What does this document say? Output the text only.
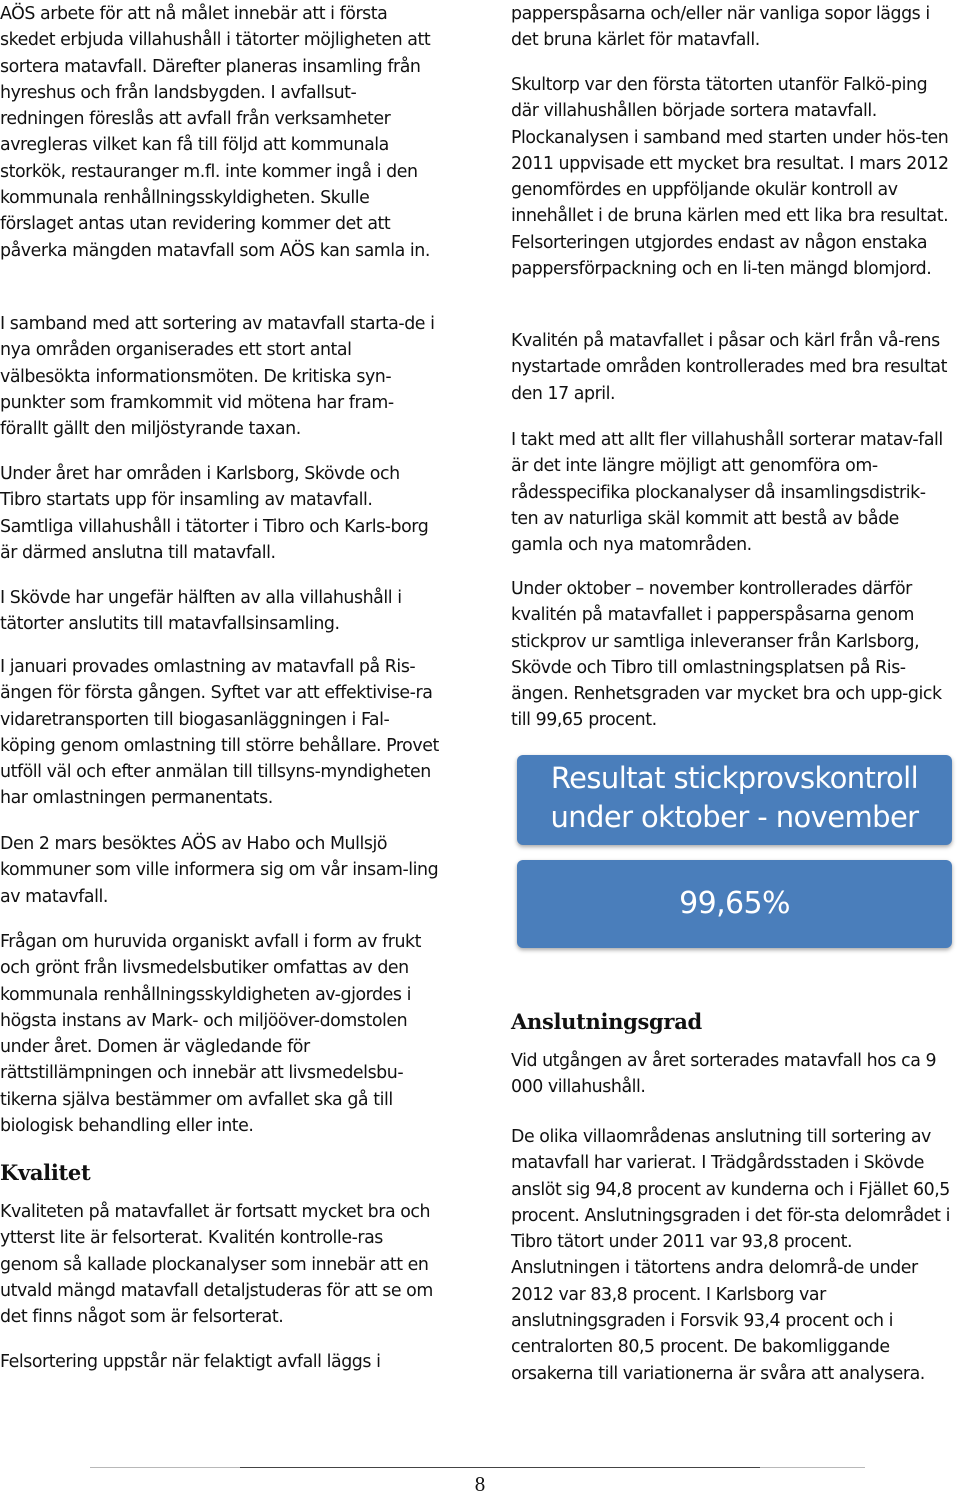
AÖS arbete för att nå målet innebär att i första skedet erbjuda villahushåll i tätorter möjligheten att sortera matavfall. Därefter planeras insamling från hyreshus och från landsbygden. I avfallsut-redningen föreslås att avfall från verksamheter avregleras vilket kan få till följd att kommunala storkök, restauranger m.fl. inte kommer ingå i den kommunala renhållningsskyldigheten. Skulle förslaget antas utan revidering kommer det att påverka mängden matavfall som AÖS kan samla in.

I samband med att sortering av matavfall starta-de i nya områden organiserades ett stort antal välbesökta informationsmöten. De kritiska syn-punkter som framkommit vid mötena har fram-förallt gällt den miljöstyrande taxan.

Under året har områden i Karlsborg, Skövde och Tibro startats upp för insamling av matavfall. Samtliga villahushåll i tätorter i Tibro och Karls-borg är därmed anslutna till matavfall.

I Skövde har ungefär hälften av alla villahushåll i tätorter anslutits till matavfallsinsamling.

I januari provades omlastning av matavfall på Ris-ängen för första gången. Syftet var att effektivise-ra vidaretransporten till biogasanläggningen i Fal-köping genom omlastning till större behållare. Provet utföll väl och efter anmälan till tillsyns-myndigheten har omlastningen permanentats.

Den 2 mars besöktes AÖS av Habo och Mullsjö kommuner som ville informera sig om vår insam-ling av matavfall.

Frågan om huruvida organiskt avfall i form av frukt och grönt från livsmedelsbutiker omfattas av den kommunala renhållningsskyldigheten av-gjordes i högsta instans av Mark- och miljööver-domstolen under året. Domen är vägledande för rättstillämpningen och innebär att livsmedelsbu-tikerna själva bestämmer om avfallet ska gå till biologisk behandling eller inte.

Kvalitet

Kvaliteten på matavfallet är fortsatt mycket bra och ytterst lite är felsorterat. Kvalitén kontrolle-ras genom så kallade plockanalyser som innebär att en utvald mängd matavfall detaljstuderas för att se om det finns något som är felsorterat.

Felsortering uppstår när felaktigt avfall läggs i

papperspåsarna och/eller när vanliga sopor läggs i det bruna kärlet för matavfall.

Skultorp var den första tätorten utanför Falkö-ping där villahushållen började sortera matavfall. Plockanalysen i samband med starten under hös-ten 2011 uppvisade ett mycket bra resultat. I mars 2012 genomfördes en uppföljande okulär kontroll av innehållet i de bruna kärlen med ett lika bra resultat. Felsorteringen utgjordes endast av någon enstaka pappersförpackning och en li-ten mängd blomjord.

Kvalitén på matavfallet i påsar och kärl från vå-rens nystartade områden kontrollerades med bra resultat den 17 april.

I takt med att allt fler villahushåll sorterar matav-fall är det inte längre möjligt att genomföra om-rådesspecifika plockanalyser då insamlingsdistrik-ten av naturliga skäl kommit att bestå av både gamla och nya matområden.

Under oktober – november kontrollerades därför kvalitén på matavfallet i papperspåsarna genom stickprov ur samtliga inleveranser från Karlsborg, Skövde och Tibro till omlastningsplatsen på Ris-ängen. Renhetsgraden var mycket bra och upp-gick till 99,65 procent.

Resultat stickprovskontroll under oktober - november
99,65%
Anslutningsgrad

Vid utgången av året sorterades matavfall hos ca 9 000 villahushåll.

De olika villaområdenas anslutning till sortering av matavfall har varierat. I Trädgårdsstaden i Skövde anslöt sig 94,8 procent av kunderna och i Fjället 60,5 procent. Anslutningsgraden i det för-sta delområdet i Tibro tätort under 2011 var 93,8 procent. Anslutningen i tätortens andra delområ-de under 2012 var 83,8 procent. I Karlsborg var anslutningsgraden i Forsvik 93,4 procent och i centralorten 80,5 procent. De bakomliggande orsakerna till variationerna är svåra att analysera.

8
